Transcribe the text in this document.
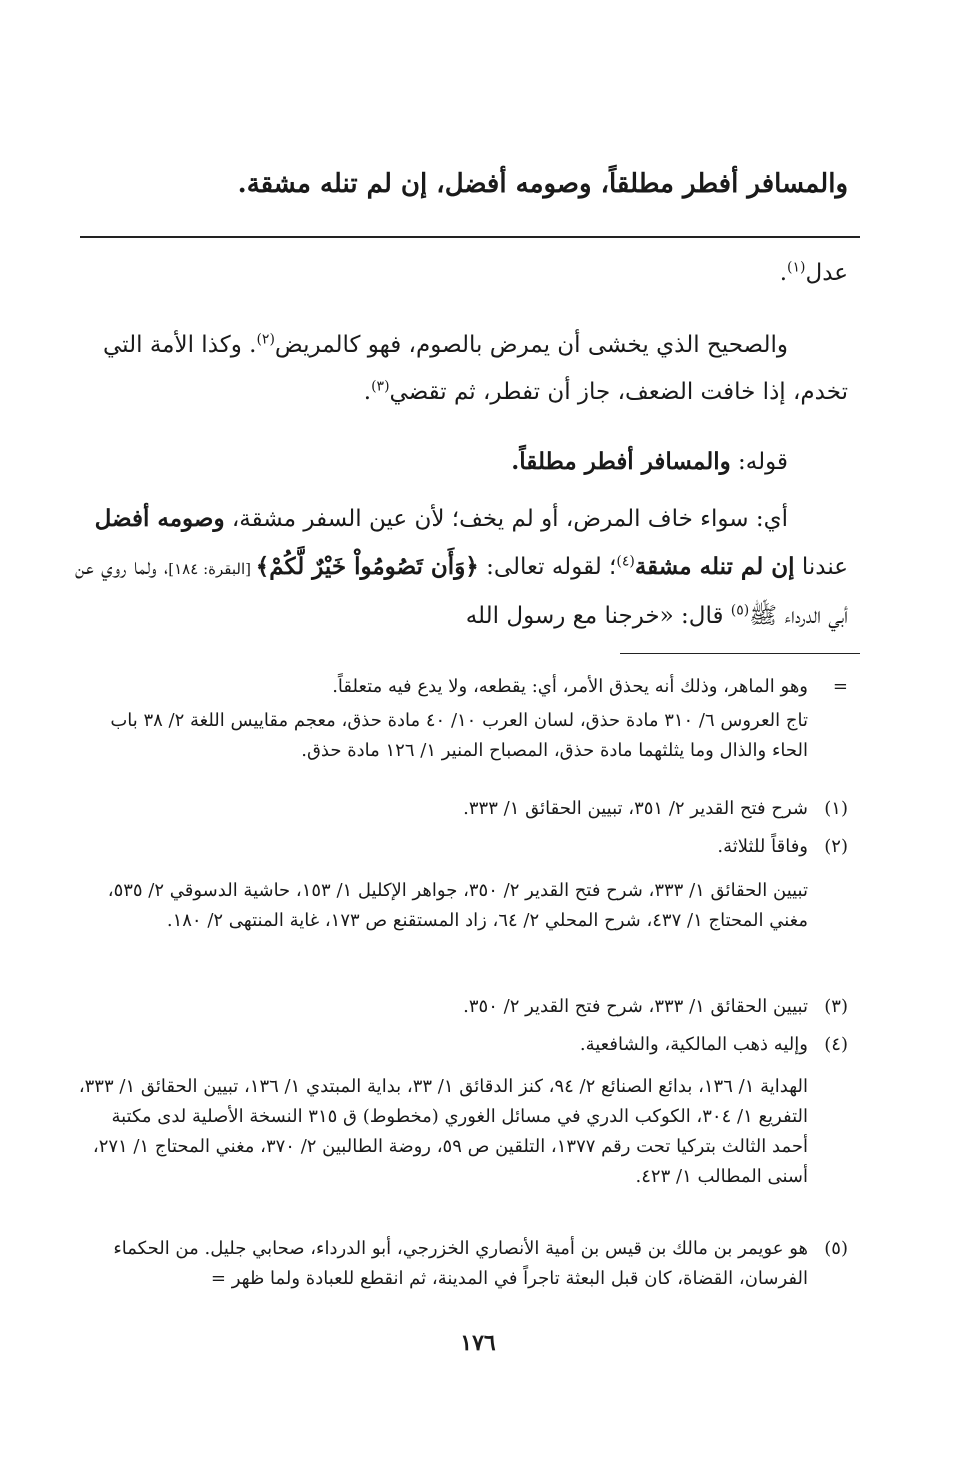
والمسافر أفطر مطلقاً، وصومه أفضل، إن لم تنله مشقة.
عدل$^{(١)}$.
والصحيح الذي يخشى أن يمرض بالصوم، فهو كالمريض$^{(٢)}$. وكذا الأمة التي تخدم، إذا خافت الضعف، جاز أن تفطر، ثم تقضي$^{(٣)}$.
قوله: والمسافر أفطر مطلقاً.
أي: سواء خاف المرض، أو لم يخف؛ لأن عين السفر مشقة، وصومه أفضل عندنا إن لم تنله مشقة$^{(٤)}$؛ لقوله تعالى: ﴿وَأَن تَصُومُواْ خَيْرٌ لَّكُمْ﴾ [البقرة: ١٨٤]، ولما روي عن أبي الدرداء ﷺ$^{(٥)}$ قال: «خرجنا مع رسول الله
=
وهو الماهر، وذلك أنه يحذق الأمر، أي: يقطعه، ولا يدع فيه متعلقاً.
تاج العروس ٦/ ٣١٠ مادة حذق، لسان العرب ١٠/ ٤٠ مادة حذق، معجم مقاييس اللغة ٢/ ٣٨ باب الحاء والذال وما يثلثهما مادة حذق، المصباح المنير ١/ ١٢٦ مادة حذق.
(١)
شرح فتح القدير ٢/ ٣٥١، تبيين الحقائق ١/ ٣٣٣.
(٢)
وفاقاً للثلاثة.
تبيين الحقائق ١/ ٣٣٣، شرح فتح القدير ٢/ ٣٥٠، جواهر الإكليل ١/ ١٥٣، حاشية الدسوقي ٢/ ٥٣٥، مغني المحتاج ١/ ٤٣٧، شرح المحلي ٢/ ٦٤، زاد المستقنع ص ١٧٣، غاية المنتهى ٢/ ١٨٠.
(٣)
تبيين الحقائق ١/ ٣٣٣، شرح فتح القدير ٢/ ٣٥٠.
(٤)
وإليه ذهب المالكية، والشافعية.
الهداية ١/ ١٣٦، بدائع الصنائع ٢/ ٩٤، كنز الدقائق ١/ ٣٣، بداية المبتدي ١/ ١٣٦، تبيين الحقائق ١/ ٣٣٣، التفريع ١/ ٣٠٤، الكوكب الدري في مسائل الغوري (مخطوط) ق ٣١٥ النسخة الأصلية لدى مكتبة أحمد الثالث بتركيا تحت رقم ١٣٧٧، التلقين ص ٥٩، روضة الطالبين ٢/ ٣٧٠، مغني المحتاج ١/ ٢٧١، أسنى المطالب ١/ ٤٢٣.
(٥)
هو عويمر بن مالك بن قيس بن أمية الأنصاري الخزرجي، أبو الدرداء، صحابي جليل. من الحكماء الفرسان، القضاة، كان قبل البعثة تاجراً في المدينة، ثم انقطع للعبادة ولما ظهر =
١٧٦
